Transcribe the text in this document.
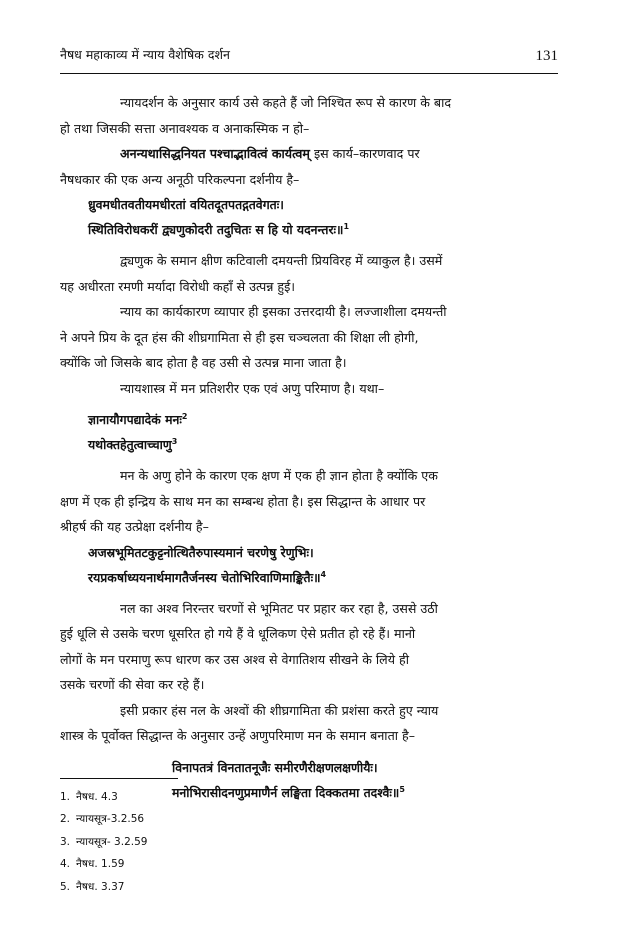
नैषध महाकाव्य में न्याय वैशेषिक दर्शन	131

न्यायदर्शन के अनुसार कार्य उसे कहते हैं जो निश्चित रूप से कारण के बाद

हो तथा जिसकी सत्ता अनावश्यक व अनाकस्मिक न हो–

अनन्यथासिद्धनियत पश्चाद्भावित्वं कार्यत्वम् इस कार्य–कारणवाद पर

नैषधकार की एक अन्य अनूठी परिकल्पना दर्शनीय है–

ध्रुवमधीतवतीयमधीरतां वयितदूतपतद्गतवेगतः।
स्थितिविरोधकरीं द्व्यणुकोदरी तदुचितः स हि यो यदनन्तरः॥$^1$

द्व्यणुक के समान क्षीण कटिवाली दमयन्ती प्रियविरह में व्याकुल है। उसमें

यह अधीरता रमणी मर्यादा विरोधी कहाँ से उत्पन्न हुई।

न्याय का कार्यकारण व्यापार ही इसका उत्तरदायी है। लज्जाशीला दमयन्ती

ने अपने प्रिय के दूत हंस की शीघ्रगामिता से ही इस चञ्चलता की शिक्षा ली होगी,

क्योंकि जो जिसके बाद होता है वह उसी से उत्पन्न माना जाता है।

न्यायशास्त्र में मन प्रतिशरीर एक एवं अणु परिमाण है। यथा–

ज्ञानायौगपद्यादेकं मनः$^2$
यथोक्तहेतुत्वाच्चाणु$^3$

मन के अणु होने के कारण एक क्षण में एक ही ज्ञान होता है क्योंकि एक

क्षण में एक ही इन्द्रिय के साथ मन का सम्बन्ध होता है। इस सिद्धान्त के आधार पर

श्रीहर्ष की यह उत्प्रेक्षा दर्शनीय है–

अजस्रभूमितटकुट्टनोत्थितैरुपास्यमानं चरणेषु रेणुभिः।
रयप्रकर्षाध्ययनार्थमागतैर्जनस्य चेतोभिरिवाणिमाङ्कितैः॥$^4$

नल का अश्व निरन्तर चरणों से भूमितट पर प्रहार कर रहा है, उससे उठी

हुई धूलि से उसके चरण धूसरित हो गये हैं वे धूलिकण ऐसे प्रतीत हो रहे हैं। मानो

लोगों के मन परमाणु रूप धारण कर उस अश्व से वेगातिशय सीखने के लिये ही

उसके चरणों की सेवा कर रहे हैं।

इसी प्रकार हंस नल के अश्वों की शीघ्रगामिता की प्रशंसा करते हुए न्याय

शास्त्र के पूर्वोक्त सिद्धान्त के अनुसार उन्हें अणुपरिमाण मन के समान बनाता है–

विनापतत्रं विनतातनूजैः समीरणैरीक्षणलक्षणीयैः।
मनोभिरासीदनणुप्रमाणैर्न लङ्घिता दिक्कतमा तदश्वैः॥$^5$
1. नैषध. 4.3
2. न्यायसूत्र-3.2.56
3. न्यायसूत्र- 3.2.59
4. नैषध. 1.59
5. नैषध. 3.37
